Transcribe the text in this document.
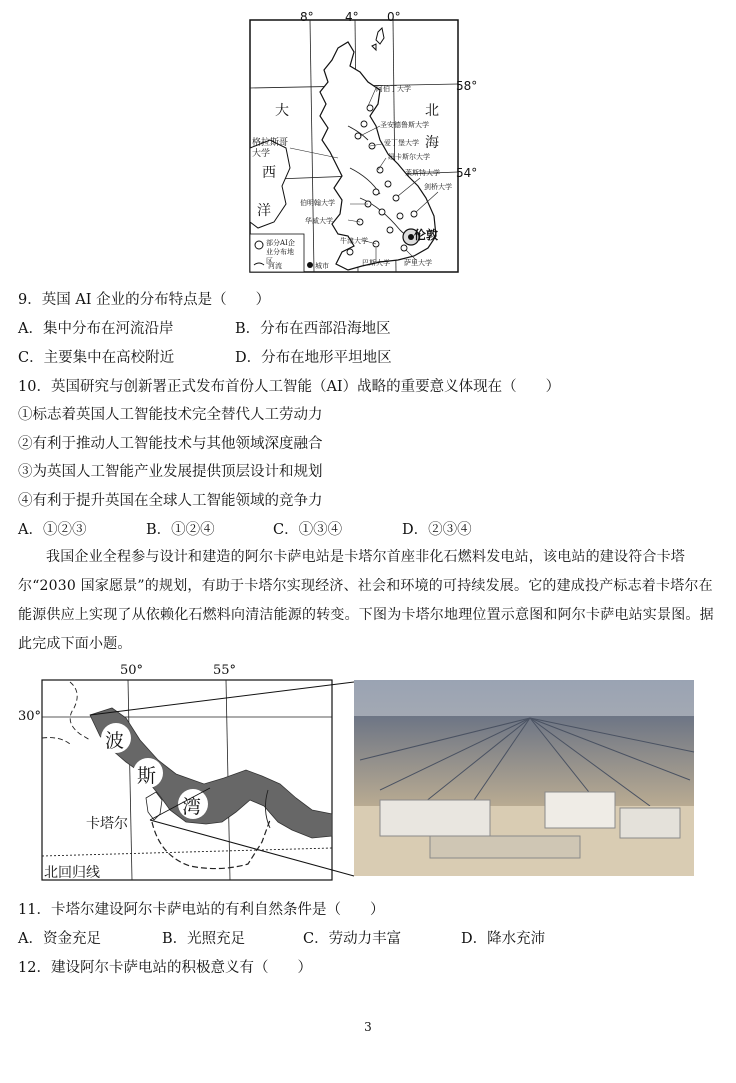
8°	4° 0°
58°
54°
大
西
洋
北
海
格拉斯哥大学
阿伯丁大学
圣安德鲁斯大学
爱丁堡大学
纽卡斯尔大学
莱斯特大学
剑桥大学
伯明翰大学
华威大学
牛津大学
巴斯大学 萨里大学
伦敦
部分AI企业分布地区
河流	城市
9．英国 AI 企业的分布特点是（　　）
A．集中分布在河流沿岸	B．分布在西部沿海地区
C．主要集中在高校附近	D．分布在地形平坦地区
10．英国研究与创新署正式发布首份人工智能（AI）战略的重要意义体现在（　　）
①标志着英国人工智能技术完全替代人工劳动力
②有利于推动人工智能技术与其他领域深度融合
③为英国人工智能产业发展提供顶层设计和规划
④有利于提升英国在全球人工智能领域的竞争力
A．①②③	B．①②④	C．①③④	D．②③④
我国企业全程参与设计和建造的阿尔卡萨电站是卡塔尔首座非化石燃料发电站，该电站的建设符合卡塔尔“2030 国家愿景”的规划，有助于卡塔尔实现经济、社会和环境的可持续发展。它的建成投产标志着卡塔尔在能源供应上实现了从依赖化石燃料向清洁能源的转变。下图为卡塔尔地理位置示意图和阿尔卡萨电站实景图。据此完成下面小题。
50°	55°
30°
波
斯
湾
卡塔尔
北回归线
11．卡塔尔建设阿尔卡萨电站的有利自然条件是（　　）
A．资金充足	B．光照充足	C．劳动力丰富	D．降水充沛
12．建设阿尔卡萨电站的积极意义有（　　）
3
